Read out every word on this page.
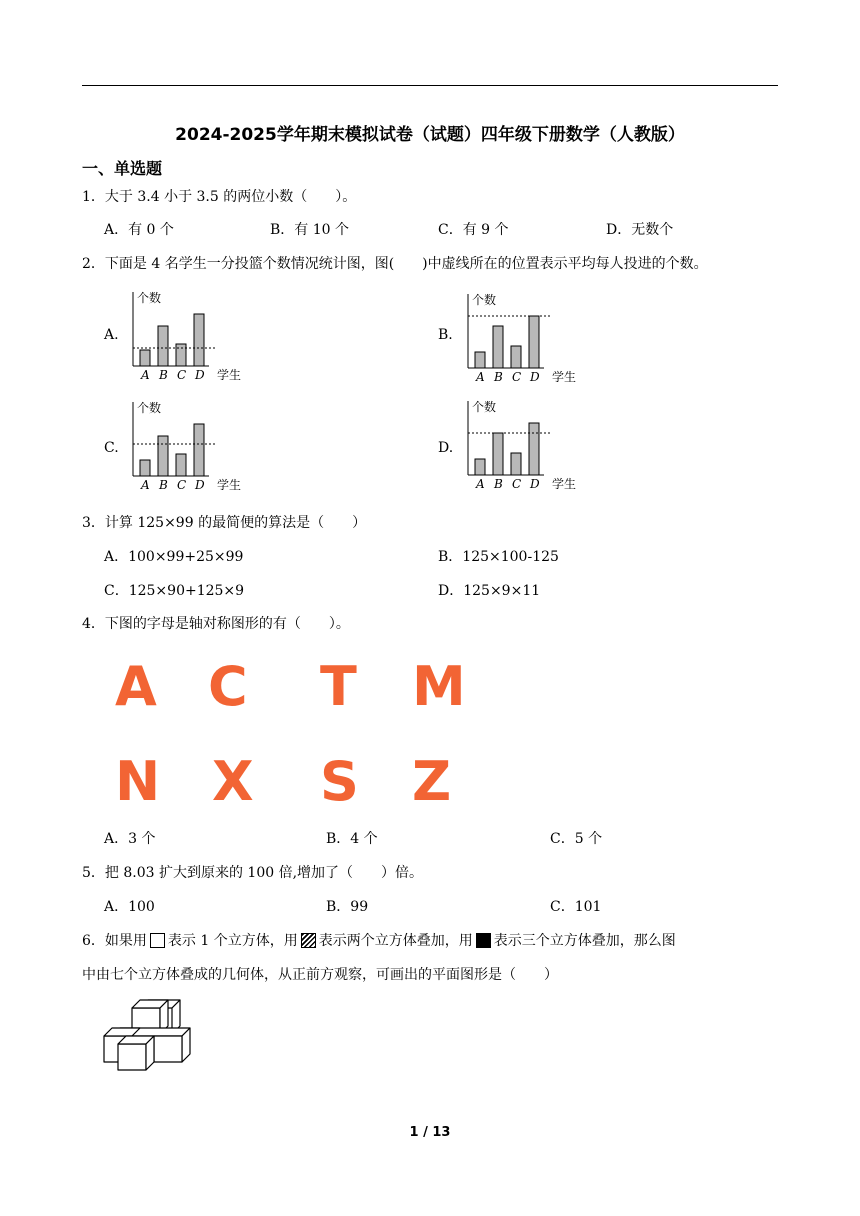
2024-2025学年期末模拟试卷（试题）四年级下册数学（人教版）
一、单选题
1．大于 3.4 小于 3.5 的两位小数（　　）。
A．有 0 个	B．有 10 个	C．有 9 个	D．无数个
2．下面是 4 名学生一分投篮个数情况统计图，图(　　)中虚线所在的位置表示平均每人投进的个数。
A.	B.
C.	D.
个数
A B C D 学生
个数
A B C D 学生
个数
A B C D 学生
个数
A B C D 学生
3．计算 125×99 的最简便的算法是（　　）
A．100×99+25×99	B．125×100-125
C．125×90+125×9	D．125×9×11
4．下图的字母是轴对称图形的有（　　）。
A C T M
N X S Z
A．3 个	B．4 个	C．5 个
5．把 8.03 扩大到原来的 100 倍,增加了（　　）倍。
A．100	B．99	C．101
6．如果用 表示 1 个立方体，用 表示两个立方体叠加，用 表示三个立方体叠加，那么图
中由七个立方体叠成的几何体，从正前方观察，可画出的平面图形是（　　）
1 / 13
